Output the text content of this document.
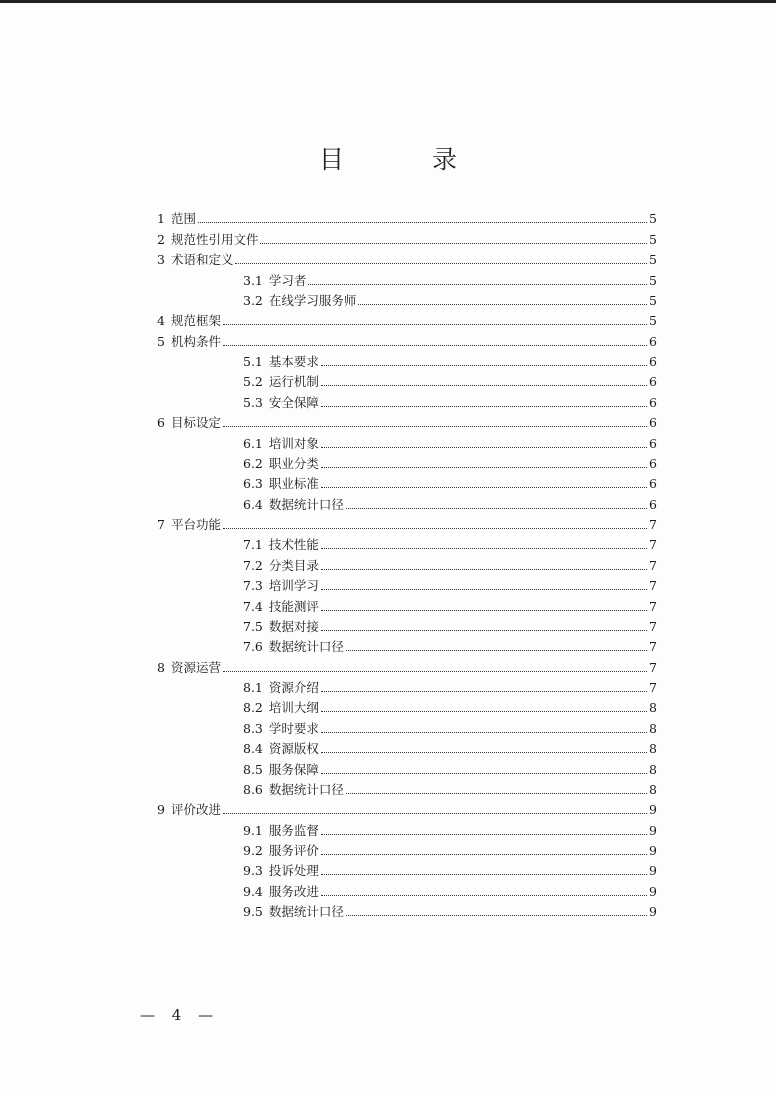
目 录
1 范围	5
2 规范性引用文件	5
3 术语和定义	5
3.1 学习者	5
3.2 在线学习服务师	5
4 规范框架	5
5 机构条件	6
5.1 基本要求	6
5.2 运行机制	6
5.3 安全保障	6
6 目标设定	6
6.1 培训对象	6
6.2 职业分类	6
6.3 职业标准	6
6.4 数据统计口径	6
7 平台功能	7
7.1 技术性能	7
7.2 分类目录	7
7.3 培训学习	7
7.4 技能测评	7
7.5 数据对接	7
7.6 数据统计口径	7
8 资源运营	7
8.1 资源介绍	7
8.2 培训大纲	8
8.3 学时要求	8
8.4 资源版权	8
8.5 服务保障	8
8.6 数据统计口径	8
9 评价改进	9
9.1 服务监督	9
9.2 服务评价	9
9.3 投诉处理	9
9.4 服务改进	9
9.5 数据统计口径	9
— 4 —
